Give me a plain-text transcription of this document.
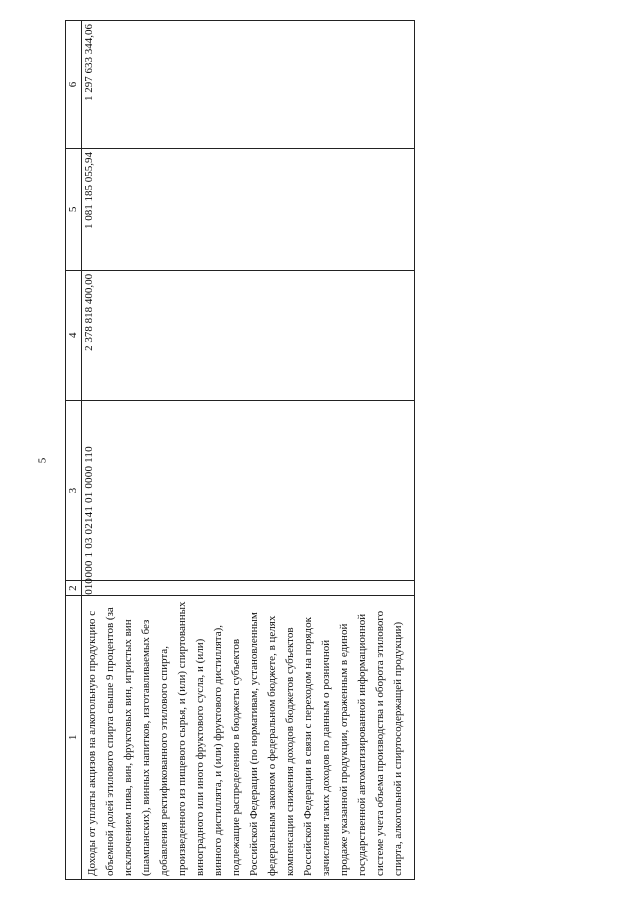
5
1	2	3	4	5	6
Доходы от уплаты акцизов на алкогольную продукцию с объемной долей этилового спирта свыше 9 процентов (за исключением пива, вин, фруктовых вин, игристых вин (шампанских), винных напитков, изготавливаемых без добавления ректификованного этилового спирта, произведенного из пищевого сырья, и (или) спиртованных виноградного или иного фруктового сусла, и (или) винного дистиллята, и (или) фруктового дистиллята), подлежащие распределению в бюджеты субъектов Российской Федерации (по нормативам, установленным федеральным законом о федеральном бюджете, в целях компенсации снижения доходов бюджетов субъектов Российской Федерации в связи с переходом на порядок зачисления таких доходов по данным о розничной продаже указанной продукции, отраженным в единой государственной автоматизированной информационной системе учета объема производства и оборота этилового спирта, алкогольной и спиртосодержащей продукции)	010	000 1 03 02141 01 0000 110	2 378 818 400,00	1 081 185 055,94	1 297 633 344,06
